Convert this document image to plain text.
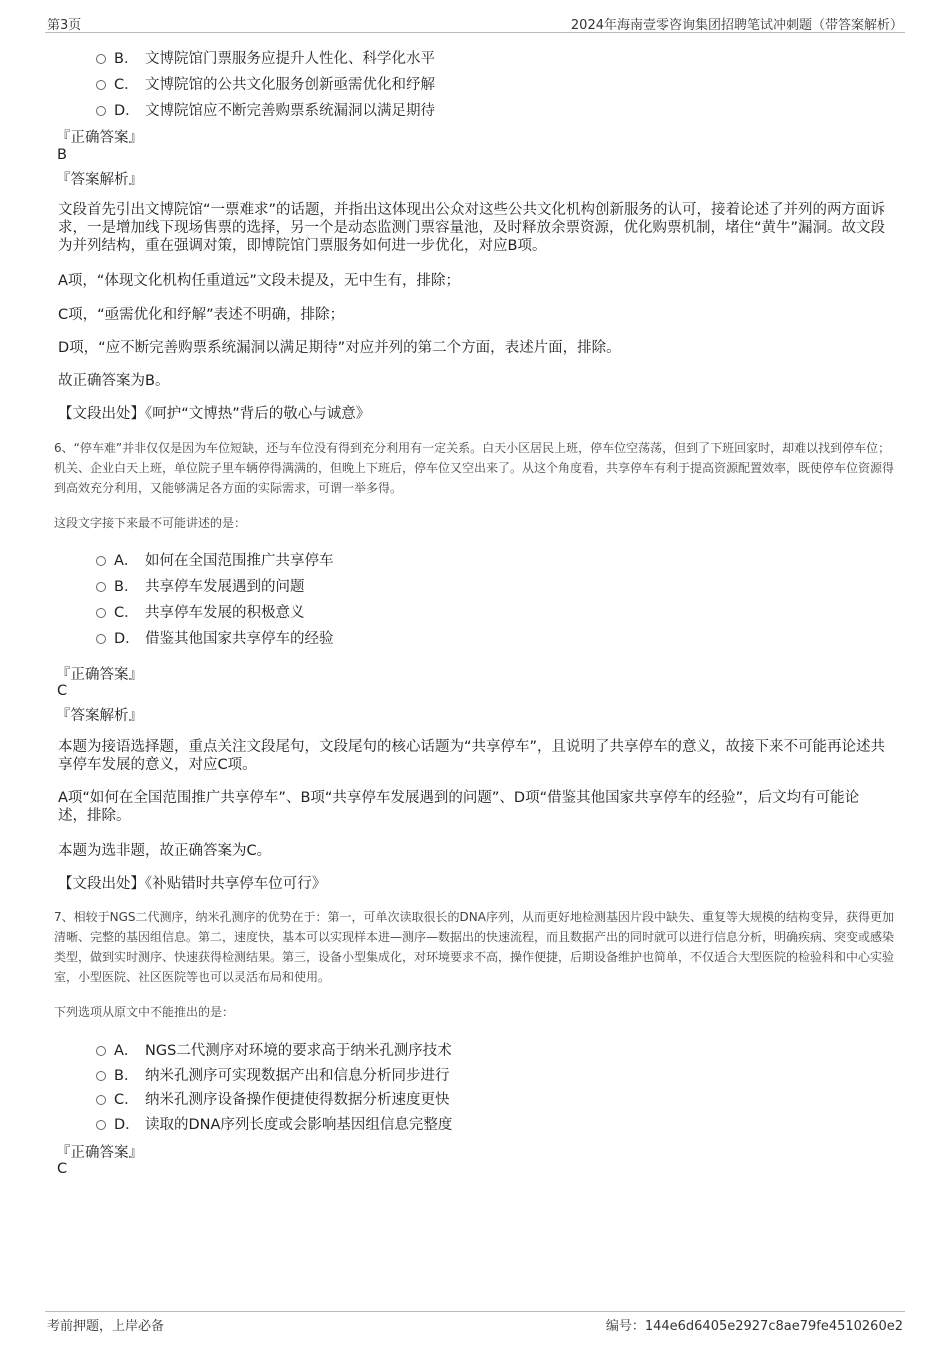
第3页	2024年海南壹零咨询集团招聘笔试冲刺题（带答案解析）
B． 文博院馆门票服务应提升人性化、科学化水平
C． 文博院馆的公共文化服务创新亟需优化和纾解
D． 文博院馆应不断完善购票系统漏洞以满足期待
『正确答案』
B
『答案解析』
文段首先引出文博院馆“一票难求”的话题，并指出这体现出公众对这些公共文化机构创新服务的认可，接着论述了并列的两方面诉求，一是增加线下现场售票的选择，另一个是动态监测门票容量池，及时释放余票资源，优化购票机制，堵住“黄牛”漏洞。故文段为并列结构，重在强调对策，即博院馆门票服务如何进一步优化，对应B项。
A项，“体现文化机构任重道远”文段未提及，无中生有，排除；
C项，“亟需优化和纾解”表述不明确，排除；
D项，“应不断完善购票系统漏洞以满足期待”对应并列的第二个方面，表述片面，排除。
故正确答案为B。
【文段出处】《呵护“文博热”背后的敬心与诚意》
6、“停车难”并非仅仅是因为车位短缺，还与车位没有得到充分利用有一定关系。白天小区居民上班，停车位空荡荡，但到了下班回家时，却难以找到停车位；机关、企业白天上班，单位院子里车辆停得满满的，但晚上下班后，停车位又空出来了。从这个角度看，共享停车有利于提高资源配置效率，既使停车位资源得到高效充分利用，又能够满足各方面的实际需求，可谓一举多得。
这段文字接下来最不可能讲述的是：
A． 如何在全国范围推广共享停车
B． 共享停车发展遇到的问题
C． 共享停车发展的积极意义
D． 借鉴其他国家共享停车的经验
『正确答案』
C
『答案解析』
本题为接语选择题，重点关注文段尾句，文段尾句的核心话题为“共享停车”，且说明了共享停车的意义，故接下来不可能再论述共享停车发展的意义，对应C项。
A项“如何在全国范围推广共享停车”、B项“共享停车发展遇到的问题”、D项“借鉴其他国家共享停车的经验”，后文均有可能论述，排除。
本题为选非题，故正确答案为C。
【文段出处】《补贴错时共享停车位可行》
7、相较于NGS二代测序，纳米孔测序的优势在于：第一，可单次读取很长的DNA序列，从而更好地检测基因片段中缺失、重复等大规模的结构变异，获得更加清晰、完整的基因组信息。第二，速度快，基本可以实现样本进—测序—数据出的快速流程，而且数据产出的同时就可以进行信息分析，明确疾病、突变或感染类型，做到实时测序、快速获得检测结果。第三，设备小型集成化，对环境要求不高，操作便捷，后期设备维护也简单，不仅适合大型医院的检验科和中心实验室，小型医院、社区医院等也可以灵活布局和使用。
下列选项从原文中不能推出的是：
A． NGS二代测序对环境的要求高于纳米孔测序技术
B． 纳米孔测序可实现数据产出和信息分析同步进行
C． 纳米孔测序设备操作便捷使得数据分析速度更快
D． 读取的DNA序列长度或会影响基因组信息完整度
『正确答案』
C
考前押题，上岸必备	编号：144e6d6405e2927c8ae79fe4510260e2
